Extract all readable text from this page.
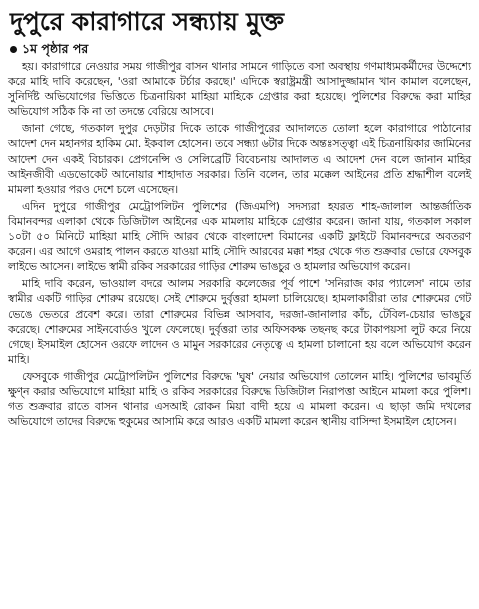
দুপুরে কারাগারে সন্ধ্যায় মুক্ত
১ম পৃষ্ঠার পর

হয়। কারাগারে নেওয়ার সময় গাজীপুর বাসন থানার সামনে গাড়িতে বসা অবস্থায় গণমাধ্যমকর্মীদের উদ্দেশ্যে করে মাহি দাবি করেছেন, 'ওরা আমাকে টর্চার করছে।' এদিকে স্বরাষ্ট্রমন্ত্রী আসাদুজ্জামান খান কামাল বলেছেন, সুনির্দিষ্ট অভিযোগের ভিত্তিতে চিত্রনায়িকা মাহিয়া মাহিকে গ্রেপ্তার করা হয়েছে। পুলিশের বিরুদ্ধে করা মাহির অভিযোগ সঠিক কি না তা তদন্তে বেরিয়ে আসবে।

জানা গেছে, গতকাল দুপুর দেড়টার দিকে তাকে গাজীপুরের আদালতে তোলা হলে কারাগারে পাঠানোর আদেশ দেন মহানগর হাকিম মো. ইকবাল হোসেন। তবে সন্ধ্যা ৬টার দিকে অন্তঃসত্ত্বা এই চিত্রনায়িকার জামিনের আদেশ দেন একই বিচারক। প্রেগনেন্সি ও সেলিব্রেটি বিবেচনায় আদালত এ আদেশ দেন বলে জানান মাহির আইনজীবী এডভোকেট আনোয়ার শাহাদাত সরকার। তিনি বলেন, তার মক্কেল আইনের প্রতি শ্রদ্ধাশীল বলেই মামলা হওয়ার পরও দেশে চলে এসেছেন।

এদিন দুপুরে গাজীপুর মেট্রোপলিটন পুলিশের (জিএমপি) সদস্যরা হযরত শাহ-জালাল আন্তর্জাতিক বিমানবন্দর এলাকা থেকে ডিজিটাল আইনের এক মামলায় মাহিকে গ্রেপ্তার করেন। জানা যায়, গতকাল সকাল ১০টা ৫০ মিনিটে মাহিয়া মাহি সৌদি আরব থেকে বাংলাদেশ বিমানের একটি ফ্লাইটে বিমানবন্দরে অবতরণ করেন। এর আগে ওমরাহ পালন করতে যাওয়া মাহি সৌদি আরবের মক্কা শহর থেকে গত শুক্রবার ভোরে ফেসবুক লাইভে আসেন। লাইভে স্বামী রকিব সরকারের গাড়ির শোরুম ভাঙচুর ও হামলার অভিযোগ করেন।

মাহি দাবি করেন, ভাওয়াল বদরে আলম সরকারি কলেজের পূর্ব পাশে 'সনিরাজ কার প্যালেস' নামে তার স্বামীর একটি গাড়ির শোরুম রয়েছে। সেই শোরুমে দুর্বৃত্তরা হামলা চালিয়েছে। হামলাকারীরা তার শোরুমের গেট ভেঙে ভেতরে প্রবেশ করে। তারা শোরুমের বিভিন্ন আসবাব, দরজা-জানালার কাঁচ, টেবিল-চেয়ার ভাঙচুর করেছে। শোরুমের সাইনবোর্ডও খুলে ফেলেছে। দুর্বৃত্তরা তার অফিসকক্ষ তছনছ করে টাকাপয়সা লুট করে নিয়ে গেছে। ইসমাইল হোসেন ওরফে লাদেন ও মামুন সরকারের নেতৃত্বে এ হামলা চালানো হয় বলে অভিযোগ করেন মাহি।

ফেসবুকে গাজীপুর মেট্রোপলিটন পুলিশের বিরুদ্ধে 'ঘুষ' নেয়ার অভিযোগ তোলেন মাহি। পুলিশের ভাবমূর্তি ক্ষুণ্ন করার অভিযোগে মাহিয়া মাহি ও রকিব সরকারের বিরুদ্ধে ডিজিটাল নিরাপত্তা আইনে মামলা করে পুলিশ। গত শুক্রবার রাতে বাসন থানার এসআই রোকন মিয়া বাদী হয়ে এ মামলা করেন। এ ছাড়া জমি দখলের অভিযোগে তাদের বিরুদ্ধে হুকুমের আসামি করে আরও একটি মামলা করেন স্থানীয় বাসিন্দা ইসমাইল হোসেন।
